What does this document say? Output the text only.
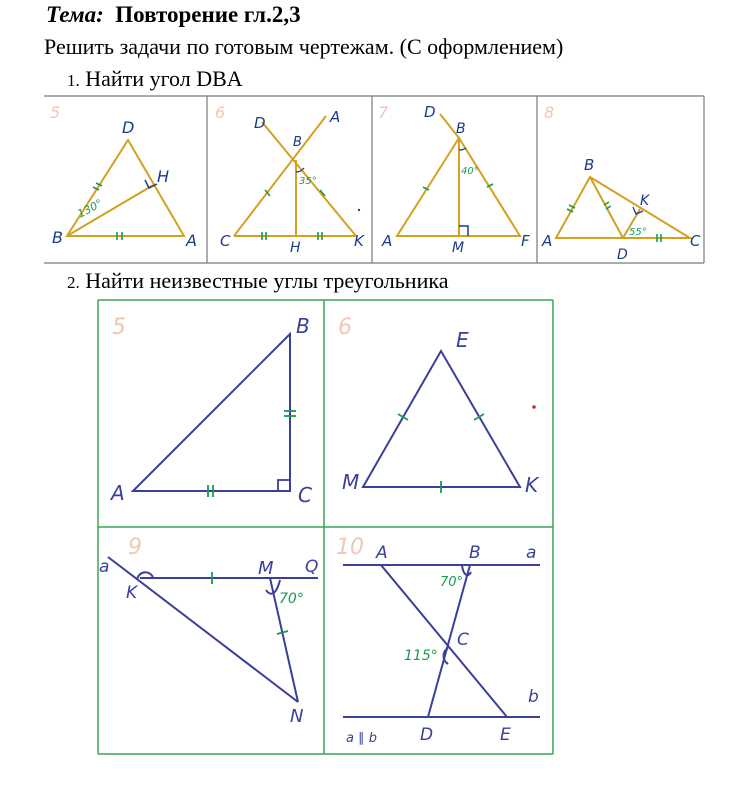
Тема: Повторение гл.2,3
Решить задачи по готовым чертежам. (С оформлением)
1. Найти угол DBA
2. Найти неизвестные углы треугольника
5
130°
D
B	A
H
6
35°
D	A
B
C	H	K
7
40°
D
B
A	M	F
8
55°
B
K
A
D
C
5	B
A	C
6	E
M	K
9
70°
a
K
M Q
N
10
70°
115°
A	B	a
C
b
D	E
a ∥ b
